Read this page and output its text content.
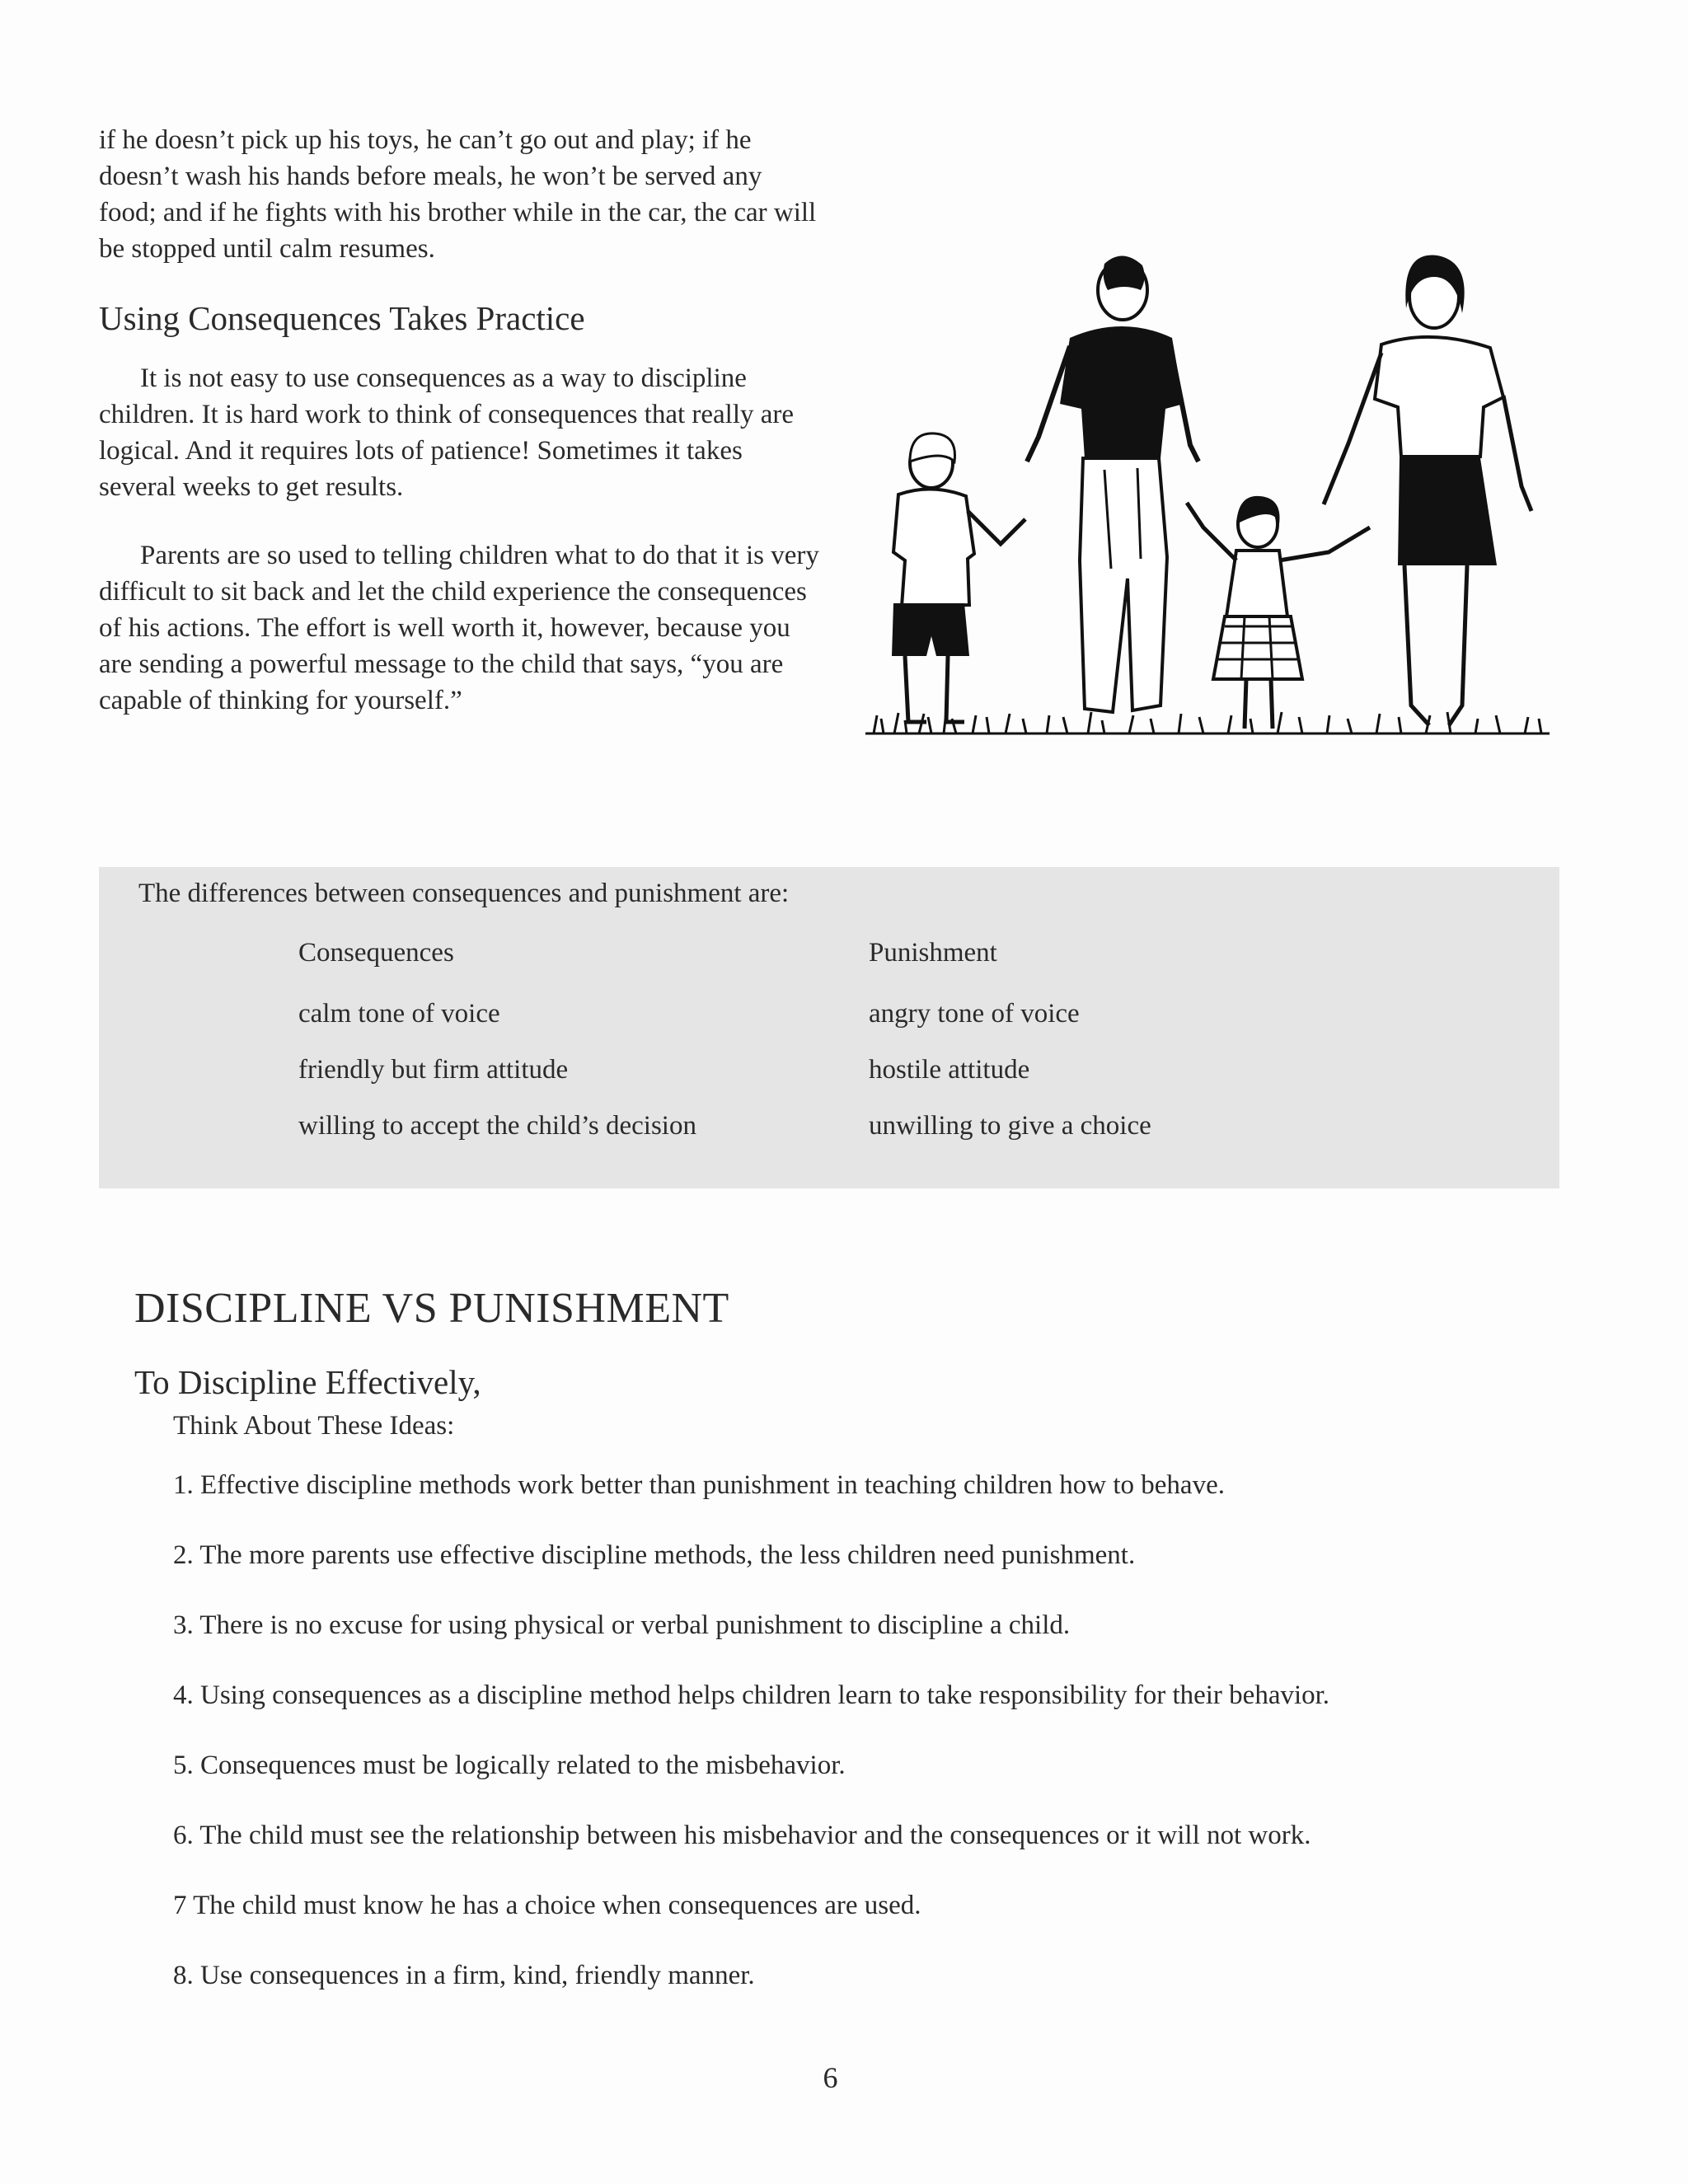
if he doesn’t pick up his toys, he can’t go out and play; if he doesn’t wash his hands before meals, he won’t be served any food; and if he fights with his brother while in the car, the car will be stopped until calm resumes.

Using Consequences Takes Practice

It is not easy to use consequences as a way to discipline children. It is hard work to think of consequences that really are logical. And it requires lots of patience! Sometimes it takes several weeks to get results.

Parents are so used to telling children what to do that it is very difficult to sit back and let the child experience the consequences of his actions. The effort is well worth it, however, because you are sending a powerful message to the child that says, “you are capable of thinking for yourself.”

The differences between consequences and punishment are:

Consequences

calm tone of voice

friendly but firm attitude

willing to accept the child’s decision

Punishment

angry tone of voice

hostile attitude

unwilling to give a choice

DISCIPLINE VS PUNISHMENT
To Discipline Effectively,

Think About These Ideas:

1. Effective discipline methods work better than punishment in teaching children how to behave.
2. The more parents use effective discipline methods, the less children need punishment.
3. There is no excuse for using physical or verbal punishment to discipline a child.
4. Using consequences as a discipline method helps children learn to take responsibility for their behavior.
5. Consequences must be logically related to the misbehavior.
6. The child must see the relationship between his misbehavior and the consequences or it will not work.
7 The child must know he has a choice when consequences are used.
8. Use consequences in a firm, kind, friendly manner.
6
